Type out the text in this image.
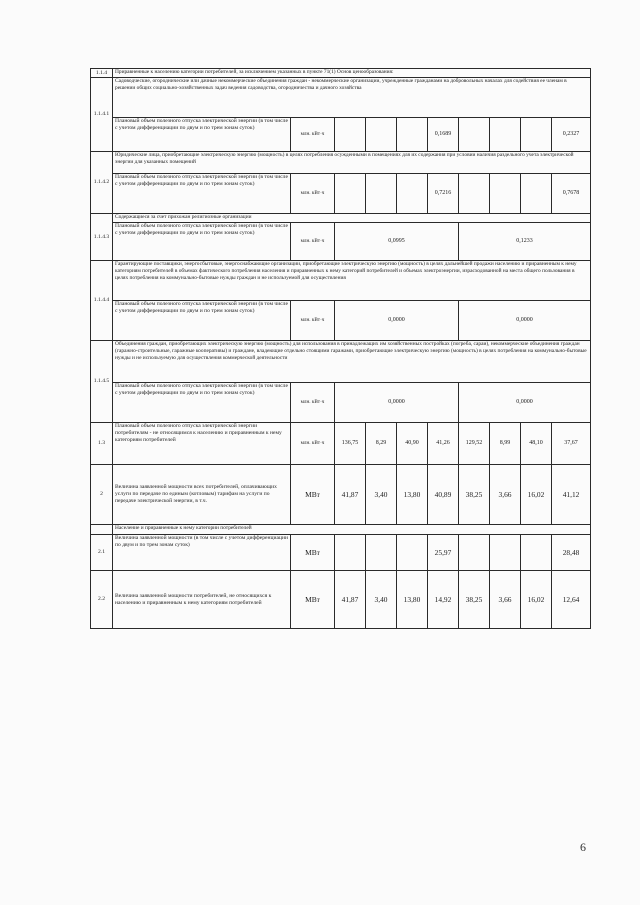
1.1.4	Приравненные к населению категории потребителей, за исключением указанных в пункте 71(1) Основ ценообразования:									
1.1.4.1	Садоводческие, огороднические или дачные некоммерческие объединения граждан - некоммерческие организации, учрежденные гражданами на добровольных началах для содействия ее членам в решении общих социально-хозяйственных задач ведения садоводства, огородничества и дачного хозяйства									
	Плановый объем полезного отпуска электрической энергии (в том числе с учетом дифференциации по двум и по трем зонам суток)	млн. кВт·ч				0,1689				0,2327
1.1.4.2	Юридические лица, приобретающие электрическую энергию (мощность) в целях потребления осужденными в помещениях для их содержания при условии наличия раздельного учета электрической энергии для указанных помещений									
	Плановый объем полезного отпуска электрической энергии (в том числе с учетом дифференциации по двум и по трем зонам суток)	млн. кВт·ч				0,7216				0,7678
1.1.4.3	Содержащиеся за счет прихожан религиозные организации									
	Плановый объем полезного отпуска электрической энергии (в том числе с учетом дифференциации по двум и по трем зонам суток)	млн. кВт·ч	0,0995				0,1233			
1.1.4.4	Гарантирующие поставщики, энергосбытовые, энергоснабжающие организации, приобретающие электрическую энергию (мощность) в целях дальнейшей продажи населению и приравненным к нему категориям потребителей в объемах фактического потребления населения и приравненных к нему категорий потребителей и объемах электроэнергии, израсходованной на места общего пользования в целях потребления на коммунально-бытовые нужды граждан и не используемой для осуществления									
	Плановый объем полезного отпуска электрической энергии (в том числе с учетом дифференциации по двум и по трем зонам суток)	млн. кВт·ч	0,0000				0,0000			
1.1.4.5	Объединения граждан, приобретающих электрическую энергию (мощность) для использования в принадлежащих им хозяйственных постройках (погреба, сараи), некоммерческие объединения граждан (гаражно-строительные, гаражные кооперативы) и граждане, владеющие отдельно стоящими гаражами, приобретающие электрическую энергию (мощность) в целях потребления на коммунально-бытовые нужды и не используемую для осуществления коммерческой деятельности									
	Плановый объем полезного отпуска электрической энергии (в том числе с учетом дифференциации по двум и по трем зонам суток)	млн. кВт·ч	0,0000				0,0000			
1.3	Плановый объем полезного отпуска электрической энергии потребителям - не относящимся к населению и приравненным к нему категориям потребителей	млн. кВт·ч	136,75	8,29	40,90	41,26	129,52	8,99	48,10	37,67
2	Величина заявленной мощности всех потребителей, оплачивающих услуги по передаче по единым (котловым) тарифам на услуги по передаче электрической энергии, в т.ч.	МВт	41,87	3,40	13,80	40,89	38,25	3,66	16,02	41,12
	Население и приравненные к нему категории потребителей									
2.1	Величина заявленной мощности (в том числе с учетом дифференциации по двум и по трем зонам суток)	МВт				25,97				28,48
2.2	Величина заявленной мощности потребителей, не относящихся к населению и приравненным к нему категориям потребителей	МВт	41,87	3,40	13,80	14,92	38,25	3,66	16,02	12,64
6
